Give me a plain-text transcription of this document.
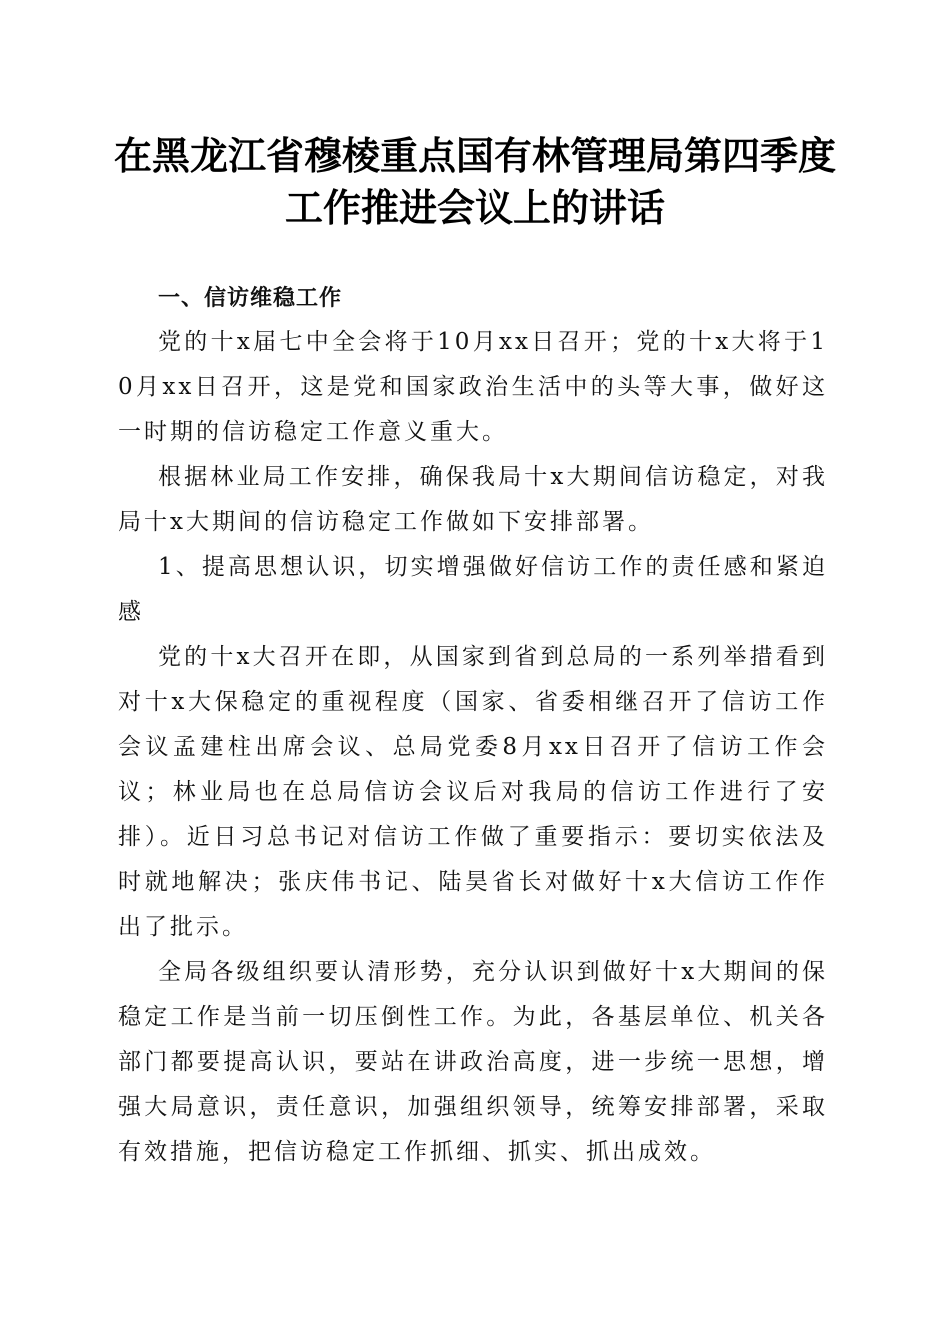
在黑龙江省穆棱重点国有林管理局第四季度工作推进会议上的讲话
一、信访维稳工作

党的十x届七中全会将于10月xx日召开；党的十x大将于10月xx日召开，这是党和国家政治生活中的头等大事，做好这一时期的信访稳定工作意义重大。

根据林业局工作安排，确保我局十x大期间信访稳定，对我局十x大期间的信访稳定工作做如下安排部署。

1、提高思想认识，切实增强做好信访工作的责任感和紧迫感

党的十x大召开在即，从国家到省到总局的一系列举措看到对十x大保稳定的重视程度（国家、省委相继召开了信访工作会议孟建柱出席会议、总局党委8月xx日召开了信访工作会议；林业局也在总局信访会议后对我局的信访工作进行了安排）。近日习总书记对信访工作做了重要指示：要切实依法及时就地解决；张庆伟书记、陆昊省长对做好十x大信访工作作出了批示。

全局各级组织要认清形势，充分认识到做好十x大期间的保稳定工作是当前一切压倒性工作。为此，各基层单位、机关各部门都要提高认识，要站在讲政治高度，进一步统一思想，增强大局意识，责任意识，加强组织领导，统筹安排部署，采取有效措施，把信访稳定工作抓细、抓实、抓出成效。
